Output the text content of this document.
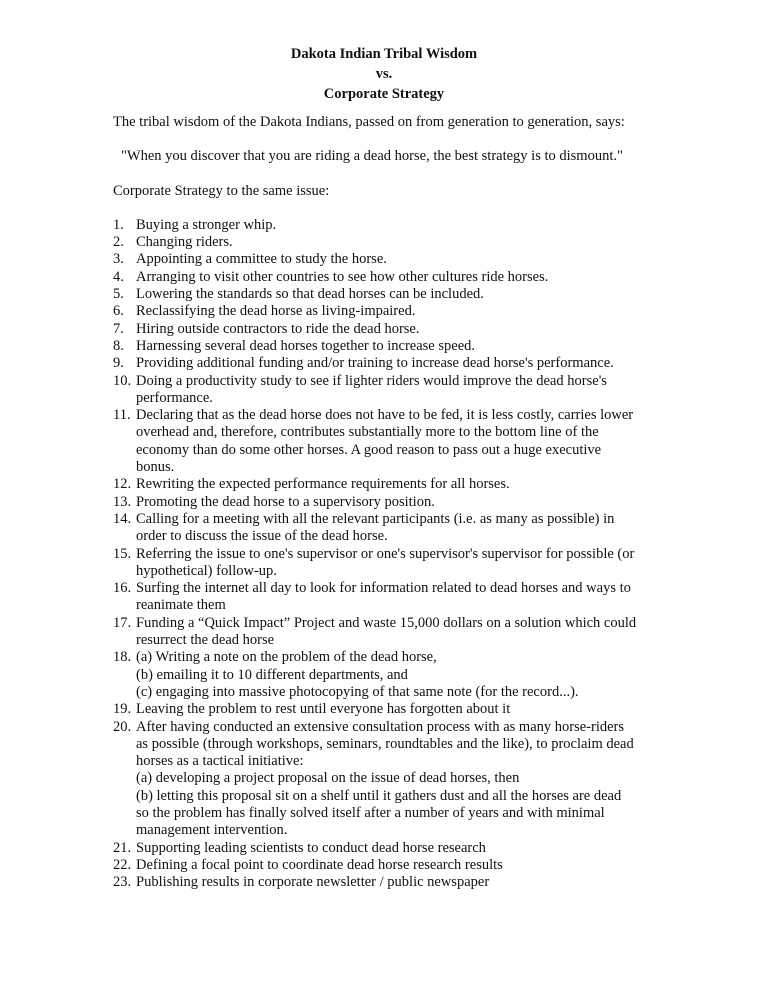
Dakota Indian Tribal Wisdom
vs.
Corporate Strategy

The tribal wisdom of the Dakota Indians, passed on from generation to generation, says:

"When you discover that you are riding a dead horse, the best strategy is to dismount."

Corporate Strategy to the same issue:

1. Buying a stronger whip.
2. Changing riders.
3. Appointing a committee to study the horse.
4. Arranging to visit other countries to see how other cultures ride horses.
5. Lowering the standards so that dead horses can be included.
6. Reclassifying the dead horse as living-impaired.
7. Hiring outside contractors to ride the dead horse.
8. Harnessing several dead horses together to increase speed.
9. Providing additional funding and/or training to increase dead horse's performance.
10. Doing a productivity study to see if lighter riders would improve the dead horse's
performance.
11. Declaring that as the dead horse does not have to be fed, it is less costly, carries lower
overhead and, therefore, contributes substantially more to the bottom line of the
economy than do some other horses. A good reason to pass out a huge executive
bonus.
12. Rewriting the expected performance requirements for all horses.
13. Promoting the dead horse to a supervisory position.
14. Calling for a meeting with all the relevant participants (i.e. as many as possible) in
order to discuss the issue of the dead horse.
15. Referring the issue to one's supervisor or one's supervisor's supervisor for possible (or
hypothetical) follow-up.
16. Surfing the internet all day to look for information related to dead horses and ways to
reanimate them
17. Funding a “Quick Impact” Project and waste 15,000 dollars on a solution which could
resurrect the dead horse
18. (a) Writing a note on the problem of the dead horse,
(b) emailing it to 10 different departments, and
(c) engaging into massive photocopying of that same note (for the record...).
19. Leaving the problem to rest until everyone has forgotten about it
20. After having conducted an extensive consultation process with as many horse-riders
as possible (through workshops, seminars, roundtables and the like), to proclaim dead
horses as a tactical initiative:
(a) developing a project proposal on the issue of dead horses, then
(b) letting this proposal sit on a shelf until it gathers dust and all the horses are dead
so the problem has finally solved itself after a number of years and with minimal
management intervention.
21. Supporting leading scientists to conduct dead horse research
22. Defining a focal point to coordinate dead horse research results
23. Publishing results in corporate newsletter / public newspaper
